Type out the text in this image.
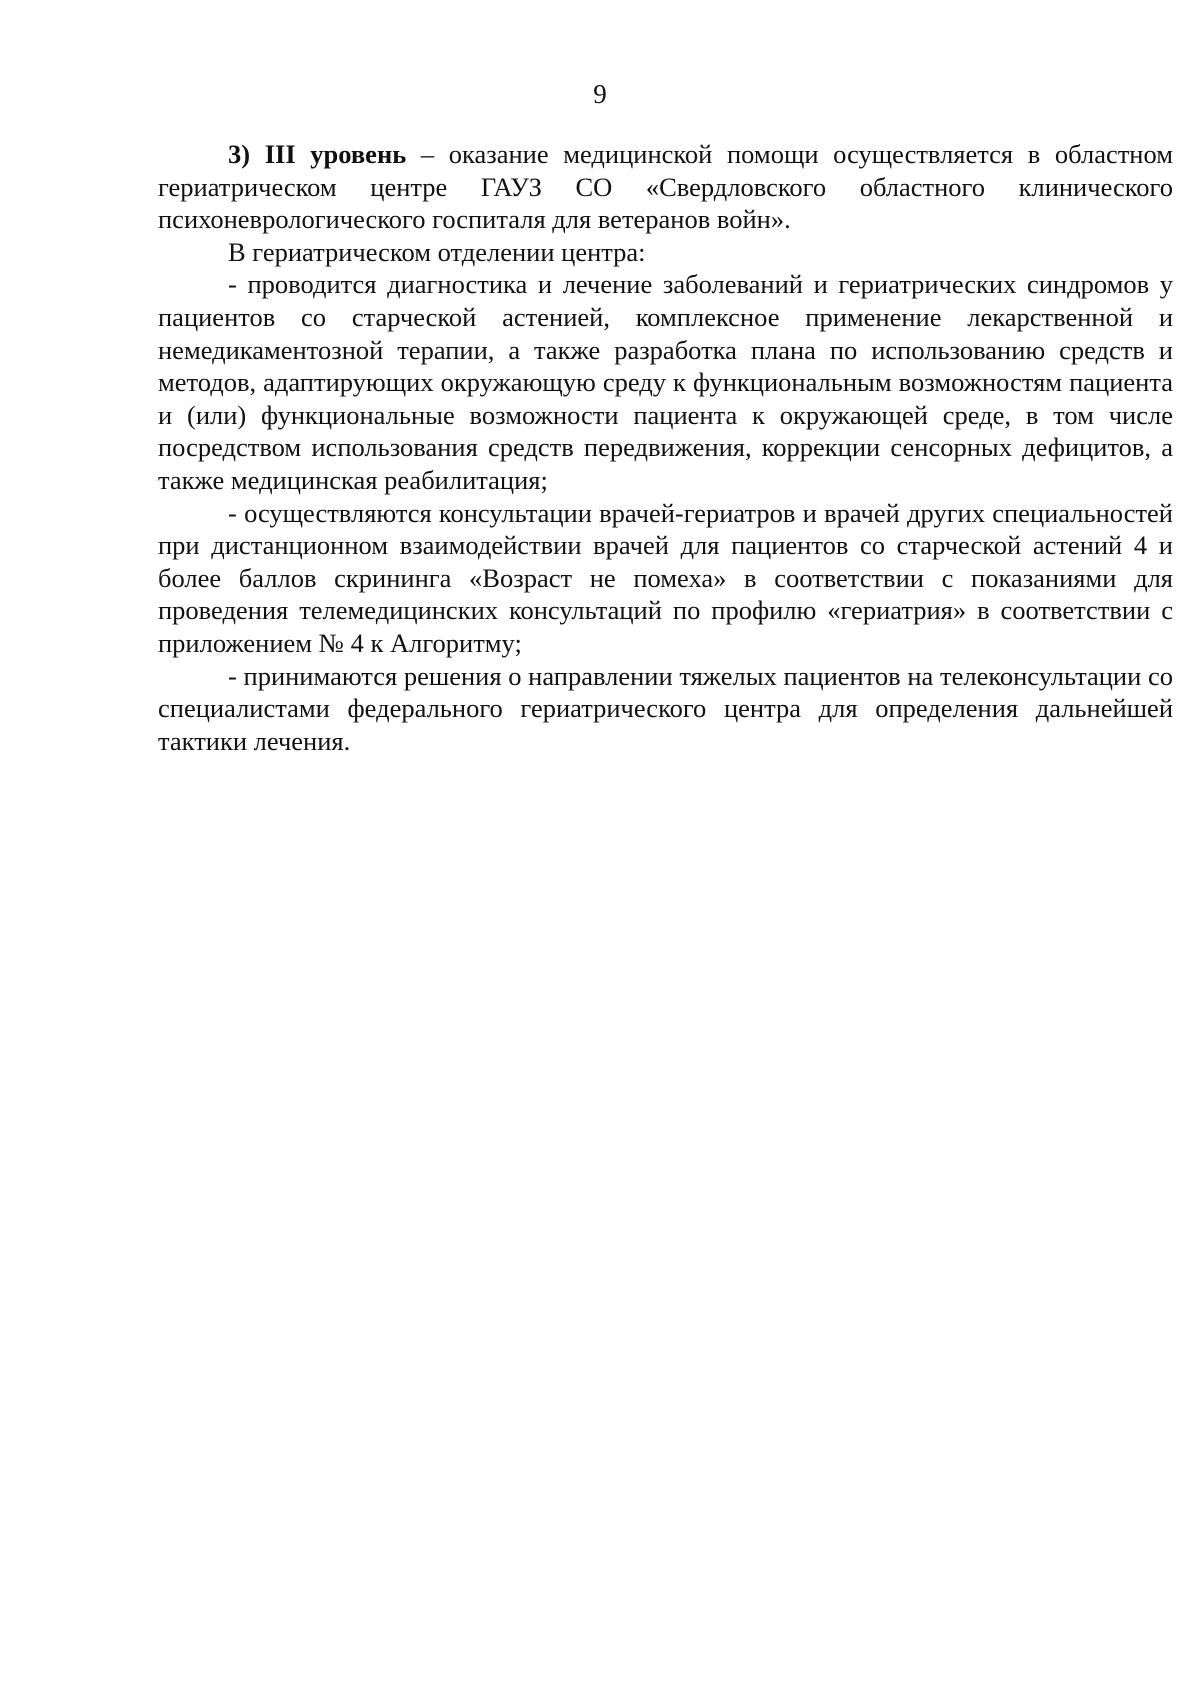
9

3) III уровень – оказание медицинской помощи осуществляется в областном гериатрическом центре ГАУЗ СО «Свердловского областного клинического психоневрологического госпиталя для ветеранов войн».

В гериатрическом отделении центра:

- проводится диагностика и лечение заболеваний и гериатрических синдромов у пациентов со старческой астенией, комплексное применение лекарственной и немедикаментозной терапии, а также разработка плана по использованию средств и методов, адаптирующих окружающую среду к функциональным возможностям пациента и (или) функциональные возможности пациента к окружающей среде, в том числе посредством использования средств передвижения, коррекции сенсорных дефицитов, а также медицинская реабилитация;

- осуществляются консультации врачей-гериатров и врачей других специальностей при дистанционном взаимодействии врачей для пациентов со старческой астений 4 и более баллов скрининга «Возраст не помеха» в соответствии с показаниями для проведения телемедицинских консультаций по профилю «гериатрия» в соответствии с приложением № 4 к Алгоритму;

- принимаются решения о направлении тяжелых пациентов на телеконсультации со специалистами федерального гериатрического центра для определения дальнейшей тактики лечения.
